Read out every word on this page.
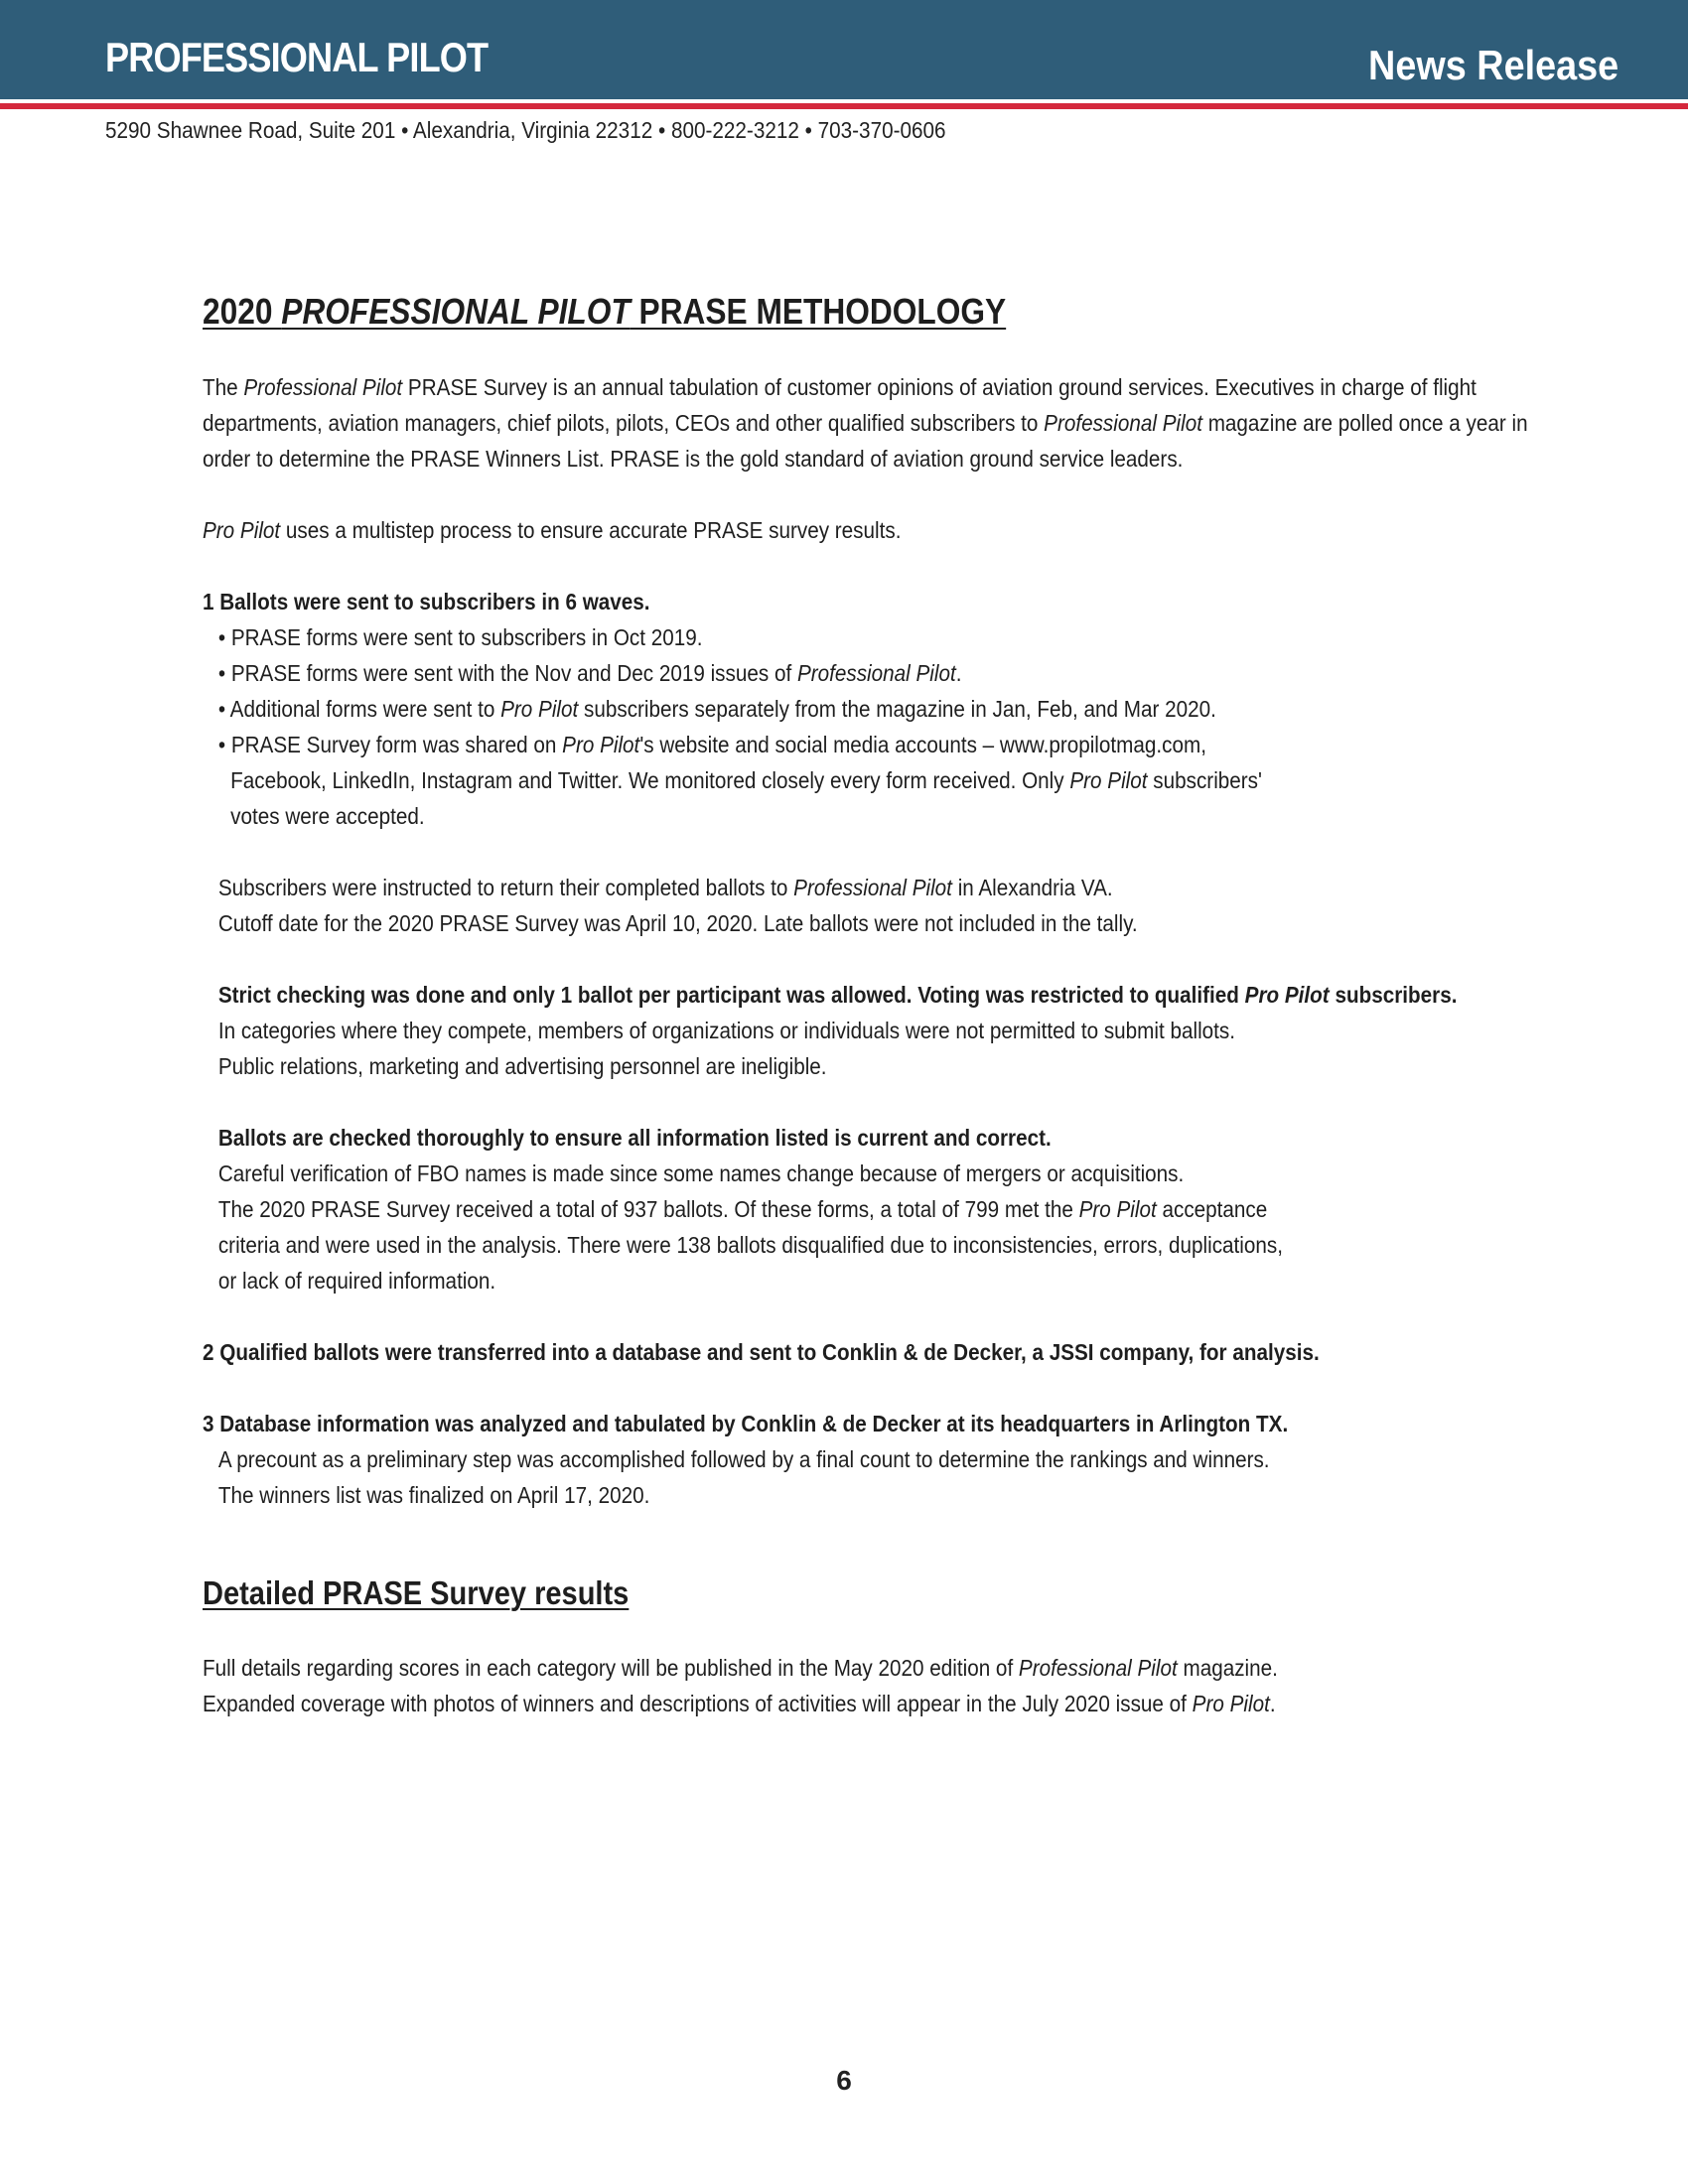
PROFESSIONAL PILOT	News Release
5290 Shawnee Road, Suite 201 • Alexandria, Virginia 22312 • 800-222-3212 • 703-370-0606
2020 PROFESSIONAL PILOT PRASE METHODOLOGY

The Professional Pilot PRASE Survey is an annual tabulation of customer opinions of aviation ground services. Executives in charge of flight departments, aviation managers, chief pilots, pilots, CEOs and other qualified subscribers to Professional Pilot magazine are polled once a year in order to determine the PRASE Winners List. PRASE is the gold standard of aviation ground service leaders.

Pro Pilot uses a multistep process to ensure accurate PRASE survey results.

1 Ballots were sent to subscribers in 6 waves.

• PRASE forms were sent to subscribers in Oct 2019.

• PRASE forms were sent with the Nov and Dec 2019 issues of Professional Pilot.

• Additional forms were sent to Pro Pilot subscribers separately from the magazine in Jan, Feb, and Mar 2020.

• PRASE Survey form was shared on Pro Pilot's website and social media accounts – www.propilotmag.com,

Facebook, LinkedIn, Instagram and Twitter. We monitored closely every form received. Only Pro Pilot subscribers'

votes were accepted.

Subscribers were instructed to return their completed ballots to Professional Pilot in Alexandria VA.

Cutoff date for the 2020 PRASE Survey was April 10, 2020. Late ballots were not included in the tally.

Strict checking was done and only 1 ballot per participant was allowed. Voting was restricted to qualified Pro Pilot subscribers.

In categories where they compete, members of organizations or individuals were not permitted to submit ballots.

Public relations, marketing and advertising personnel are ineligible.

Ballots are checked thoroughly to ensure all information listed is current and correct.

Careful verification of FBO names is made since some names change because of mergers or acquisitions.

The 2020 PRASE Survey received a total of 937 ballots. Of these forms, a total of 799 met the Pro Pilot acceptance

criteria and were used in the analysis. There were 138 ballots disqualified due to inconsistencies, errors, duplications,

or lack of required information.

2 Qualified ballots were transferred into a database and sent to Conklin & de Decker, a JSSI company, for analysis.

3 Database information was analyzed and tabulated by Conklin & de Decker at its headquarters in Arlington TX.

A precount as a preliminary step was accomplished followed by a final count to determine the rankings and winners.

The winners list was finalized on April 17, 2020.

Detailed PRASE Survey results

Full details regarding scores in each category will be published in the May 2020 edition of Professional Pilot magazine.

Expanded coverage with photos of winners and descriptions of activities will appear in the July 2020 issue of Pro Pilot.

6
